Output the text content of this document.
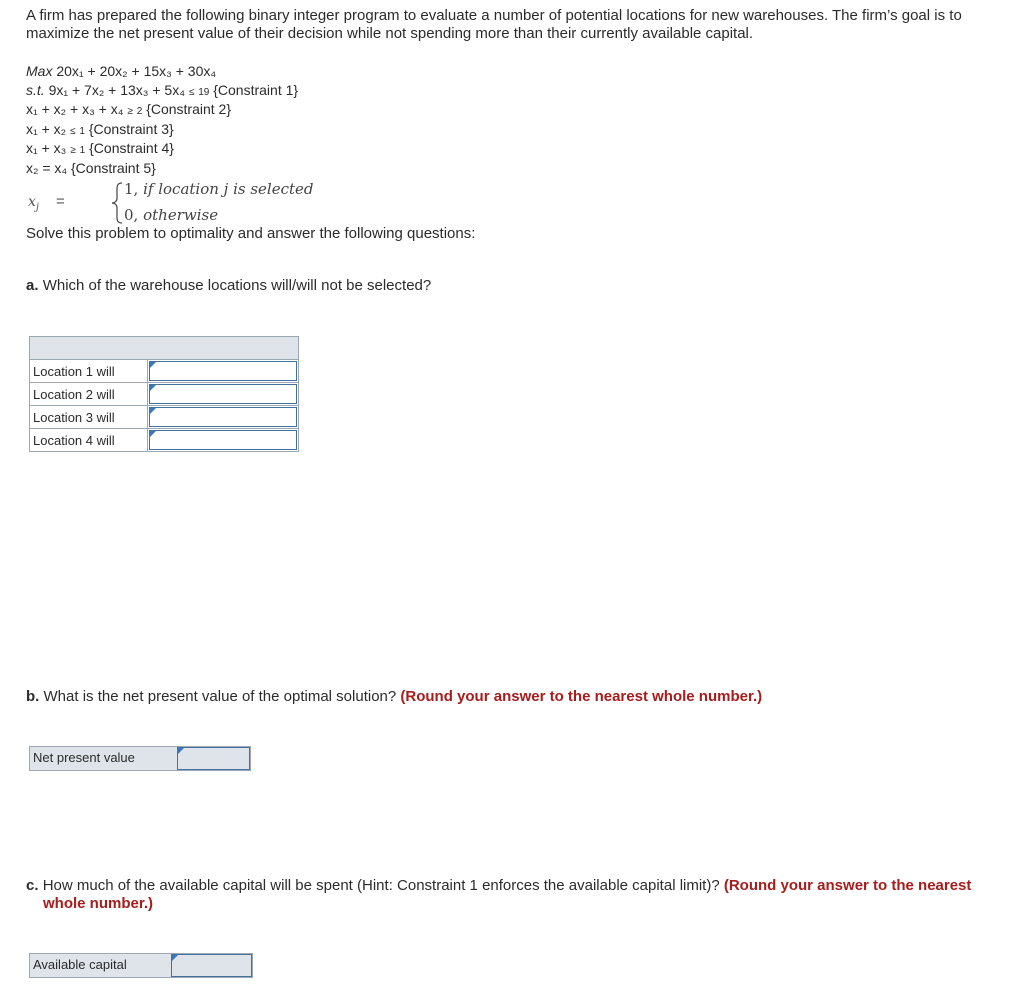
A firm has prepared the following binary integer program to evaluate a number of potential locations for new warehouses. The firm’s goal is to maximize the net present value of their decision while not spending more than their currently available capital.
Max 20x₁ + 20x₂ + 15x₃ + 30x₄
s.t. 9x₁ + 7x₂ + 13x₃ + 5x₄ ≤ 19 {Constraint 1}
x₁ + x₂ + x₃ + x₄ ≥ 2 {Constraint 2}
x₁ + x₂ ≤ 1 {Constraint 3}
x₁ + x₃ ≥ 1 {Constraint 4}
x₂ = x₄ {Constraint 5}
$x_j$ =
1, if location j is selected
0, otherwise
Solve this problem to optimality and answer the following questions:
a. Which of the warehouse locations will/will not be selected?

Location 1 will	

Location 2 will	

Location 3 will	

Location 4 will	
b. What is the net present value of the optimal solution? (Round your answer to the nearest whole number.)
Net present value
c. How much of the available capital will be spent (Hint: Constraint 1 enforces the available capital limit)? (Round your answer to the nearest whole number.)
Available capital
